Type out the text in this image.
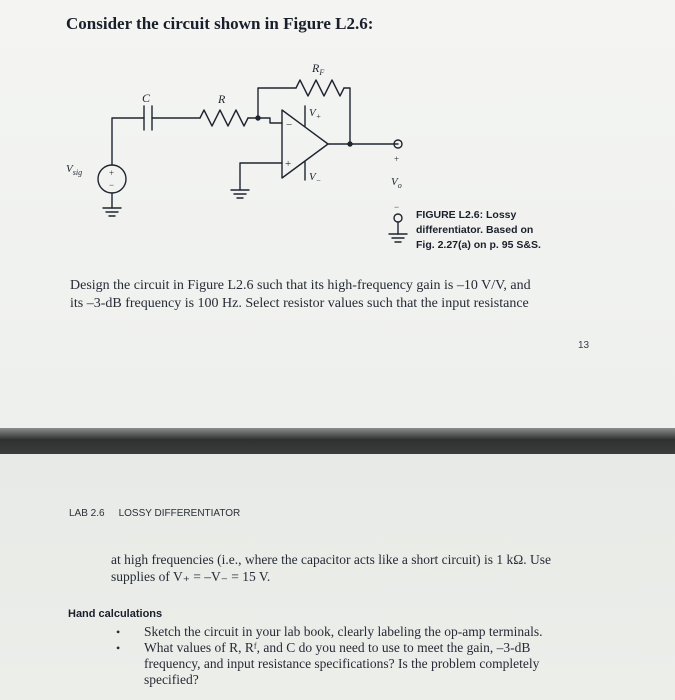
Consider the circuit shown in Figure L2.6:
$R_F$
C	R
$V_+$
$V_-$
−
+
+
−
$V_{sig}$
+
$V_o$
−
FIGURE L2.6: Lossy
differentiator. Based on
Fig. 2.27(a) on p. 95 S&S.
Design the circuit in Figure L2.6 such that its high-frequency gain is –10 V/V, and
its –3-dB frequency is 100 Hz. Select resistor values such that the input resistance
13
LAB 2.6 LOSSY DIFFERENTIATOR
at high frequencies (i.e., where the capacitor acts like a short circuit) is 1 kΩ. Use
supplies of V₊ = –V₋ = 15 V.
Hand calculations
• Sketch the circuit in your lab book, clearly labeling the op-amp terminals.
• What values of R, Rᶠ, and C do you need to use to meet the gain, –3-dB
frequency, and input resistance specifications? Is the problem completely
specified?
